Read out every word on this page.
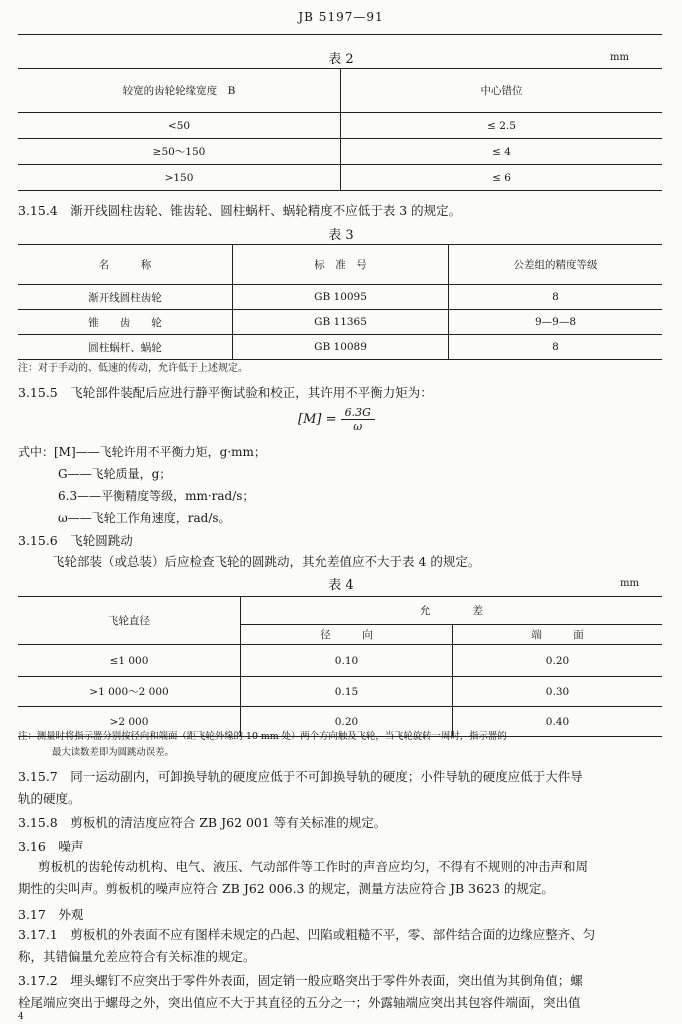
JB 5197—91
表 2	mm
较宽的齿轮轮缘宽度　B	中心错位
<50	≤ 2.5
≥50～150	≤ 4
>150	≤ 6
3.15.4　渐开线圆柱齿轮、锥齿轮、圆柱蜗杆、蜗轮精度不应低于表 3 的规定。
表 3
名　　　称	标　准　号	公差组的精度等级
渐开线圆柱齿轮	GB 10095	8
锥　　齿　　轮	GB 11365	9—9—8
圆柱蜗杆、蜗轮	GB 10089	8
注：对于手动的、低速的传动，允许低于上述规定。
3.15.5　飞轮部件装配后应进行静平衡试验和校正，其许用不平衡力矩为：
$[M] = \frac{6.3G}{\omega}$
式中：[M]——飞轮许用不平衡力矩，g·mm；
G——飞轮质量，g；
6.3——平衡精度等级，mm·rad/s；
ω——飞轮工作角速度，rad/s。
3.15.6　飞轮圆跳动
飞轮部装（或总装）后应检查飞轮的圆跳动，其允差值应不大于表 4 的规定。
表 4	mm
飞轮直径	允　　　　差	
	径　　　向	端　　　面
≤1 000	0.10	0.20
>1 000～2 000	0.15	0.30
>2 000	0.20	0.40
注：测量时将指示器分别按径向和端面（距飞轮外缘的 10 mm 处）两个方向触及飞轮，当飞轮旋转一周时，指示器的
最大读数差即为圆跳动误差。
3.15.7　同一运动副内，可卸换导轨的硬度应低于不可卸换导轨的硬度；小件导轨的硬度应低于大件导
轨的硬度。
3.15.8　剪板机的清洁度应符合 ZB J62 001 等有关标准的规定。
3.16　噪声
剪板机的齿轮传动机构、电气、液压、气动部件等工作时的声音应均匀，不得有不规则的冲击声和周
期性的尖叫声。剪板机的噪声应符合 ZB J62 006.3 的规定，测量方法应符合 JB 3623 的规定。
3.17　外观
3.17.1　剪板机的外表面不应有图样未规定的凸起、凹陷或粗糙不平，零、部件结合面的边缘应整齐、匀
称，其错偏量允差应符合有关标准的规定。
3.17.2　埋头螺钉不应突出于零件外表面，固定销一般应略突出于零件外表面，突出值为其倒角值；螺
栓尾端应突出于螺母之外，突出值应不大于其直径的五分之一；外露轴端应突出其包容件端面，突出值
4
